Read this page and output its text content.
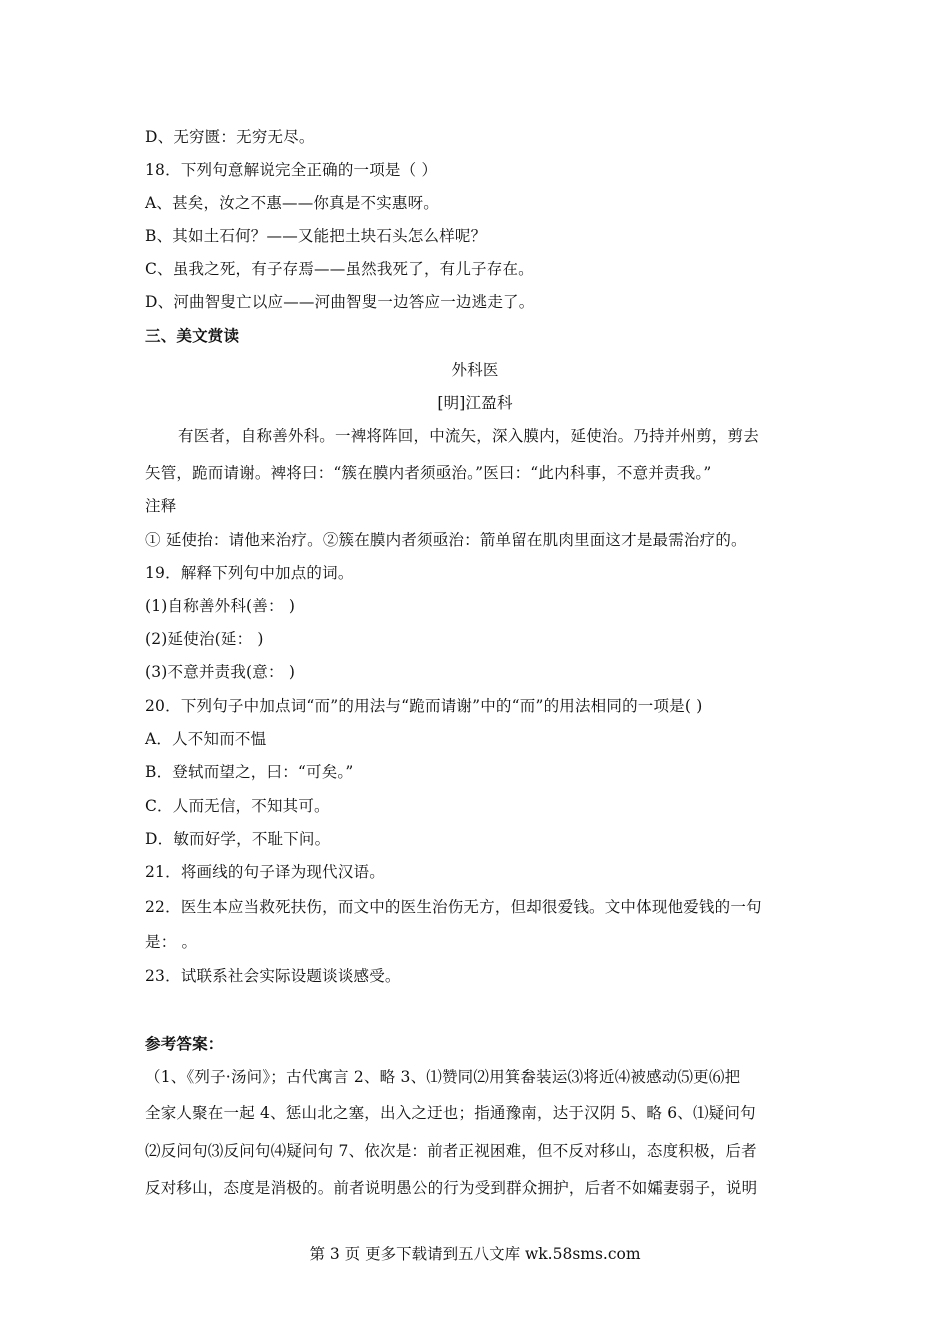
D、无穷匮：无穷无尽。
18．下列句意解说完全正确的一项是（ ）
A、甚矣，汝之不惠——你真是不实惠呀。
B、其如土石何？——又能把土块石头怎么样呢？
C、虽我之死，有子存焉——虽然我死了，有儿子存在。
D、河曲智叟亡以应——河曲智叟一边答应一边逃走了。
三、美文赏读
外科医
[明]江盈科
有医者，自称善外科。一裨将阵回，中流矢，深入膜内，延使治。乃持并州剪，剪去
矢管，跪而请谢。裨将曰：“簇在膜内者须亟治。”医曰：“此内科事，不意并责我。”
注释
① 延使抬：请他来治疗。②簇在膜内者须亟治：箭单留在肌肉里面这才是最需治疗的。
19．解释下列句中加点的词。
(1)自称善外科(善： )
(2)延使治(延： )
(3)不意并责我(意： )
20．下列句子中加点词“而”的用法与“跪而请谢”中的“而”的用法相同的一项是( )
A．人不知而不愠
B．登轼而望之，曰：“可矣。”
C．人而无信，不知其可。
D．敏而好学，不耻下问。
21．将画线的句子译为现代汉语。
22．医生本应当救死扶伤，而文中的医生治伤无方，但却很爱钱。文中体现他爱钱的一句
是： 。
23．试联系社会实际设题谈谈感受。
参考答案：
（1、《列子·汤问》；古代寓言 2、略 3、⑴赞同⑵用箕畚装运⑶将近⑷被感动⑸更⑹把
全家人聚在一起 4、惩山北之塞，出入之迂也；指通豫南，达于汉阴 5、略 6、⑴疑问句
⑵反问句⑶反问句⑷疑问句 7、依次是：前者正视困难，但不反对移山，态度积极，后者
反对移山，态度是消极的。前者说明愚公的行为受到群众拥护，后者不如孀妻弱子，说明
第 3 页 更多下载请到五八文库 wk.58sms.com
